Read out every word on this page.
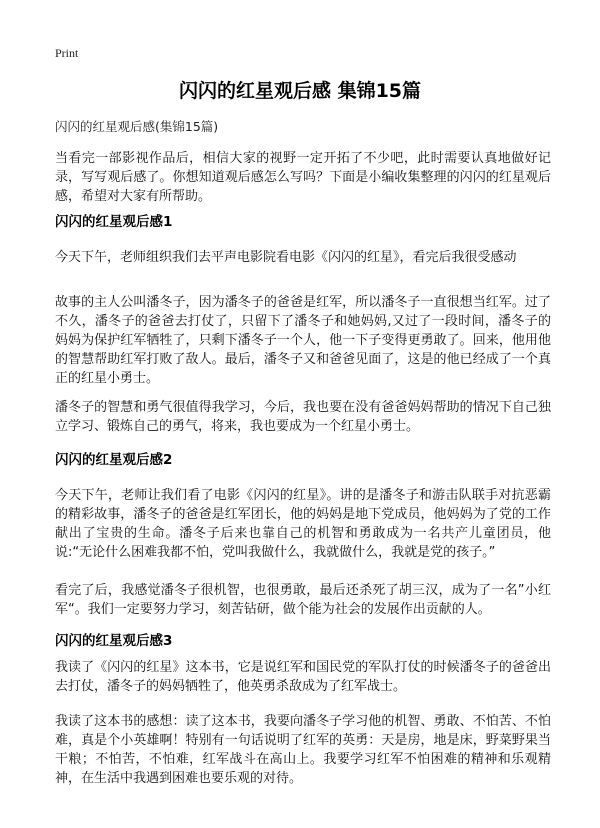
Print
闪闪的红星观后感 集锦15篇
闪闪的红星观后感(集锦15篇)

当看完一部影视作品后，相信大家的视野一定开拓了不少吧，此时需要认真地做好记录，写写观后感了。你想知道观后感怎么写吗？下面是小编收集整理的闪闪的红星观后感，希望对大家有所帮助。

闪闪的红星观后感1

今天下午，老师组织我们去平声电影院看电影《闪闪的红星》，看完后我很受感动

故事的主人公叫潘冬子，因为潘冬子的爸爸是红军，所以潘冬子一直很想当红军。过了不久，潘冬子的爸爸去打仗了，只留下了潘冬子和她妈妈,又过了一段时间，潘冬子的妈妈为保护红军牺牲了，只剩下潘冬子一个人，他一下子变得更勇敢了。回来，他用他的智慧帮助红军打败了敌人。最后，潘冬子又和爸爸见面了，这是的他已经成了一个真正的红星小勇士。

潘冬子的智慧和勇气很值得我学习，今后，我也要在没有爸爸妈妈帮助的情况下自己独立学习、锻炼自己的勇气，将来，我也要成为一个红星小勇士。

闪闪的红星观后感2

今天下午，老师让我们看了电影《闪闪的红星》。讲的是潘冬子和游击队联手对抗恶霸的精彩故事，潘冬子的爸爸是红军团长，他的妈妈是地下党成员，他妈妈为了党的工作献出了宝贵的生命。潘冬子后来也靠自己的机智和勇敢成为一名共产儿童团员，他说:“无论什么困难我都不怕，党叫我做什么，我就做什么，我就是党的孩子。”

看完了后，我感觉潘冬子很机智，也很勇敢，最后还杀死了胡三汉，成为了一名”小红军“。我们一定要努力学习，刻苦钻研，做个能为社会的发展作出贡献的人。

闪闪的红星观后感3

我读了《闪闪的红星》这本书，它是说红军和国民党的军队打仗的时候潘冬子的爸爸出去打仗，潘冬子的妈妈牺牲了，他英勇杀敌成为了红军战士。

我读了这本书的感想：读了这本书，我要向潘冬子学习他的机智、勇敢、不怕苦、不怕难，真是个小英雄啊！特别有一句话说明了红军的英勇：天是房，地是床，野菜野果当干粮；不怕苦，不怕难，红军战斗在高山上。我要学习红军不怕困难的精神和乐观精神，在生活中我遇到困难也要乐观的对待。
